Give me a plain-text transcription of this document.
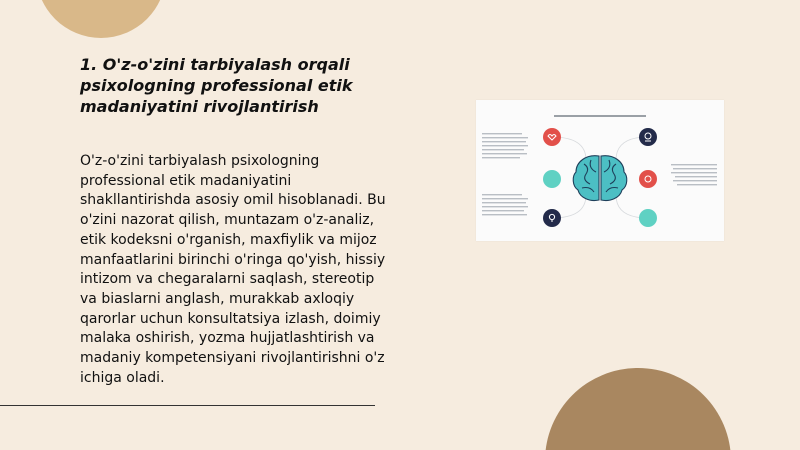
1. O'z-o'zini tarbiyalash orqali psixologning professional etik madaniyatini rivojlantirish

O'z-o'zini tarbiyalash psixologning professional etik madaniyatini shakllantirishda asosiy omil hisoblanadi. Bu o'zini nazorat qilish, muntazam o'z-analiz, etik kodeksni o'rganish, maxfiylik va mijoz manfaatlarini birinchi o'ringa qo'yish, hissiy intizom va chegaralarni saqlash, stereotip va biaslarni anglash, murakkab axloqiy qarorlar uchun konsultatsiya izlash, doimiy malaka oshirish, yozma hujjatlashtirish va madaniy kompetensiyani rivojlantirishni o'z ichiga oladi.
